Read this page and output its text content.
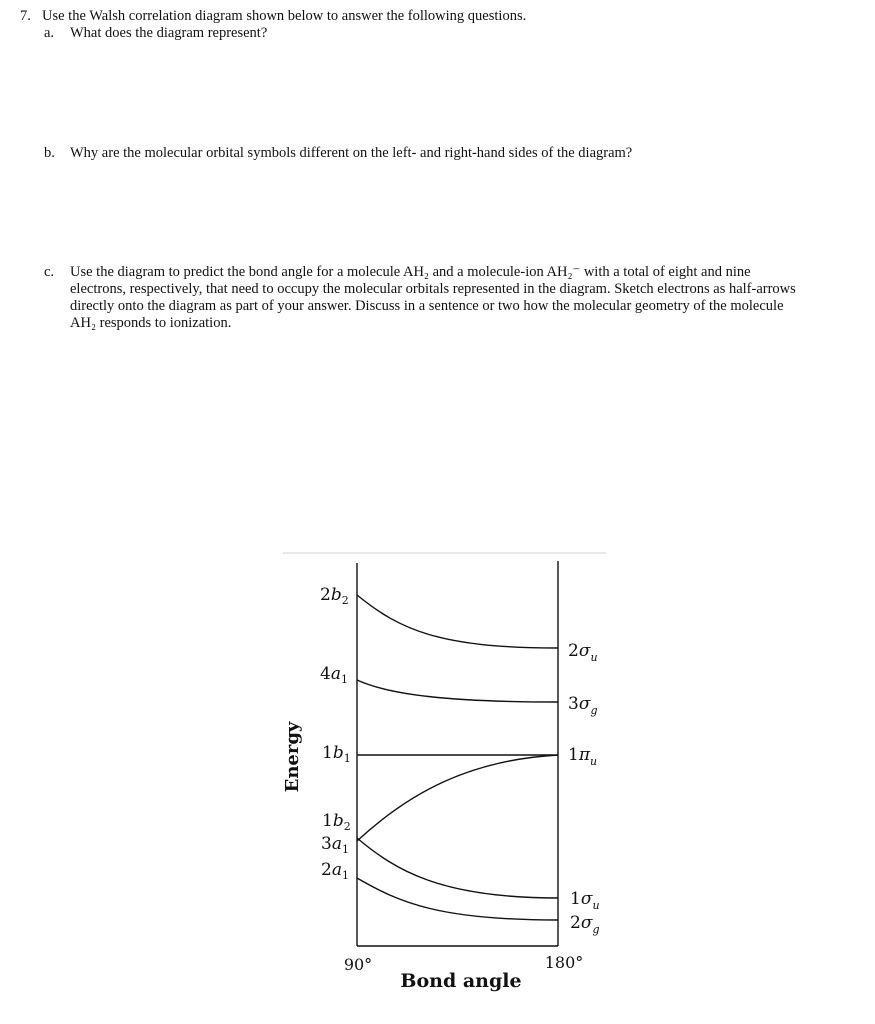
7. Use the Walsh correlation diagram shown below to answer the following questions.
a. What does the diagram represent?
b. Why are the molecular orbital symbols different on the left- and right-hand sides of the diagram?
c. Use the diagram to predict the bond angle for a molecule AH₂ and a molecule-ion AH₂⁻ with a total of eight and nine
electrons, respectively, that need to occupy the molecular orbitals represented in the diagram. Sketch electrons as half-arrows
directly onto the diagram as part of your answer. Discuss in a sentence or two how the molecular geometry of the molecule
AH₂ responds to ionization.
Energy
$2b_2$
$4a_1$
$1b_1$
$1b_2$
$3a_1$
$2a_1$
$2\sigma_u$
$3\sigma_g$
$1\pi_u$
$1\sigma_u$
$2\sigma_g$
90°	180°
Bond angle
